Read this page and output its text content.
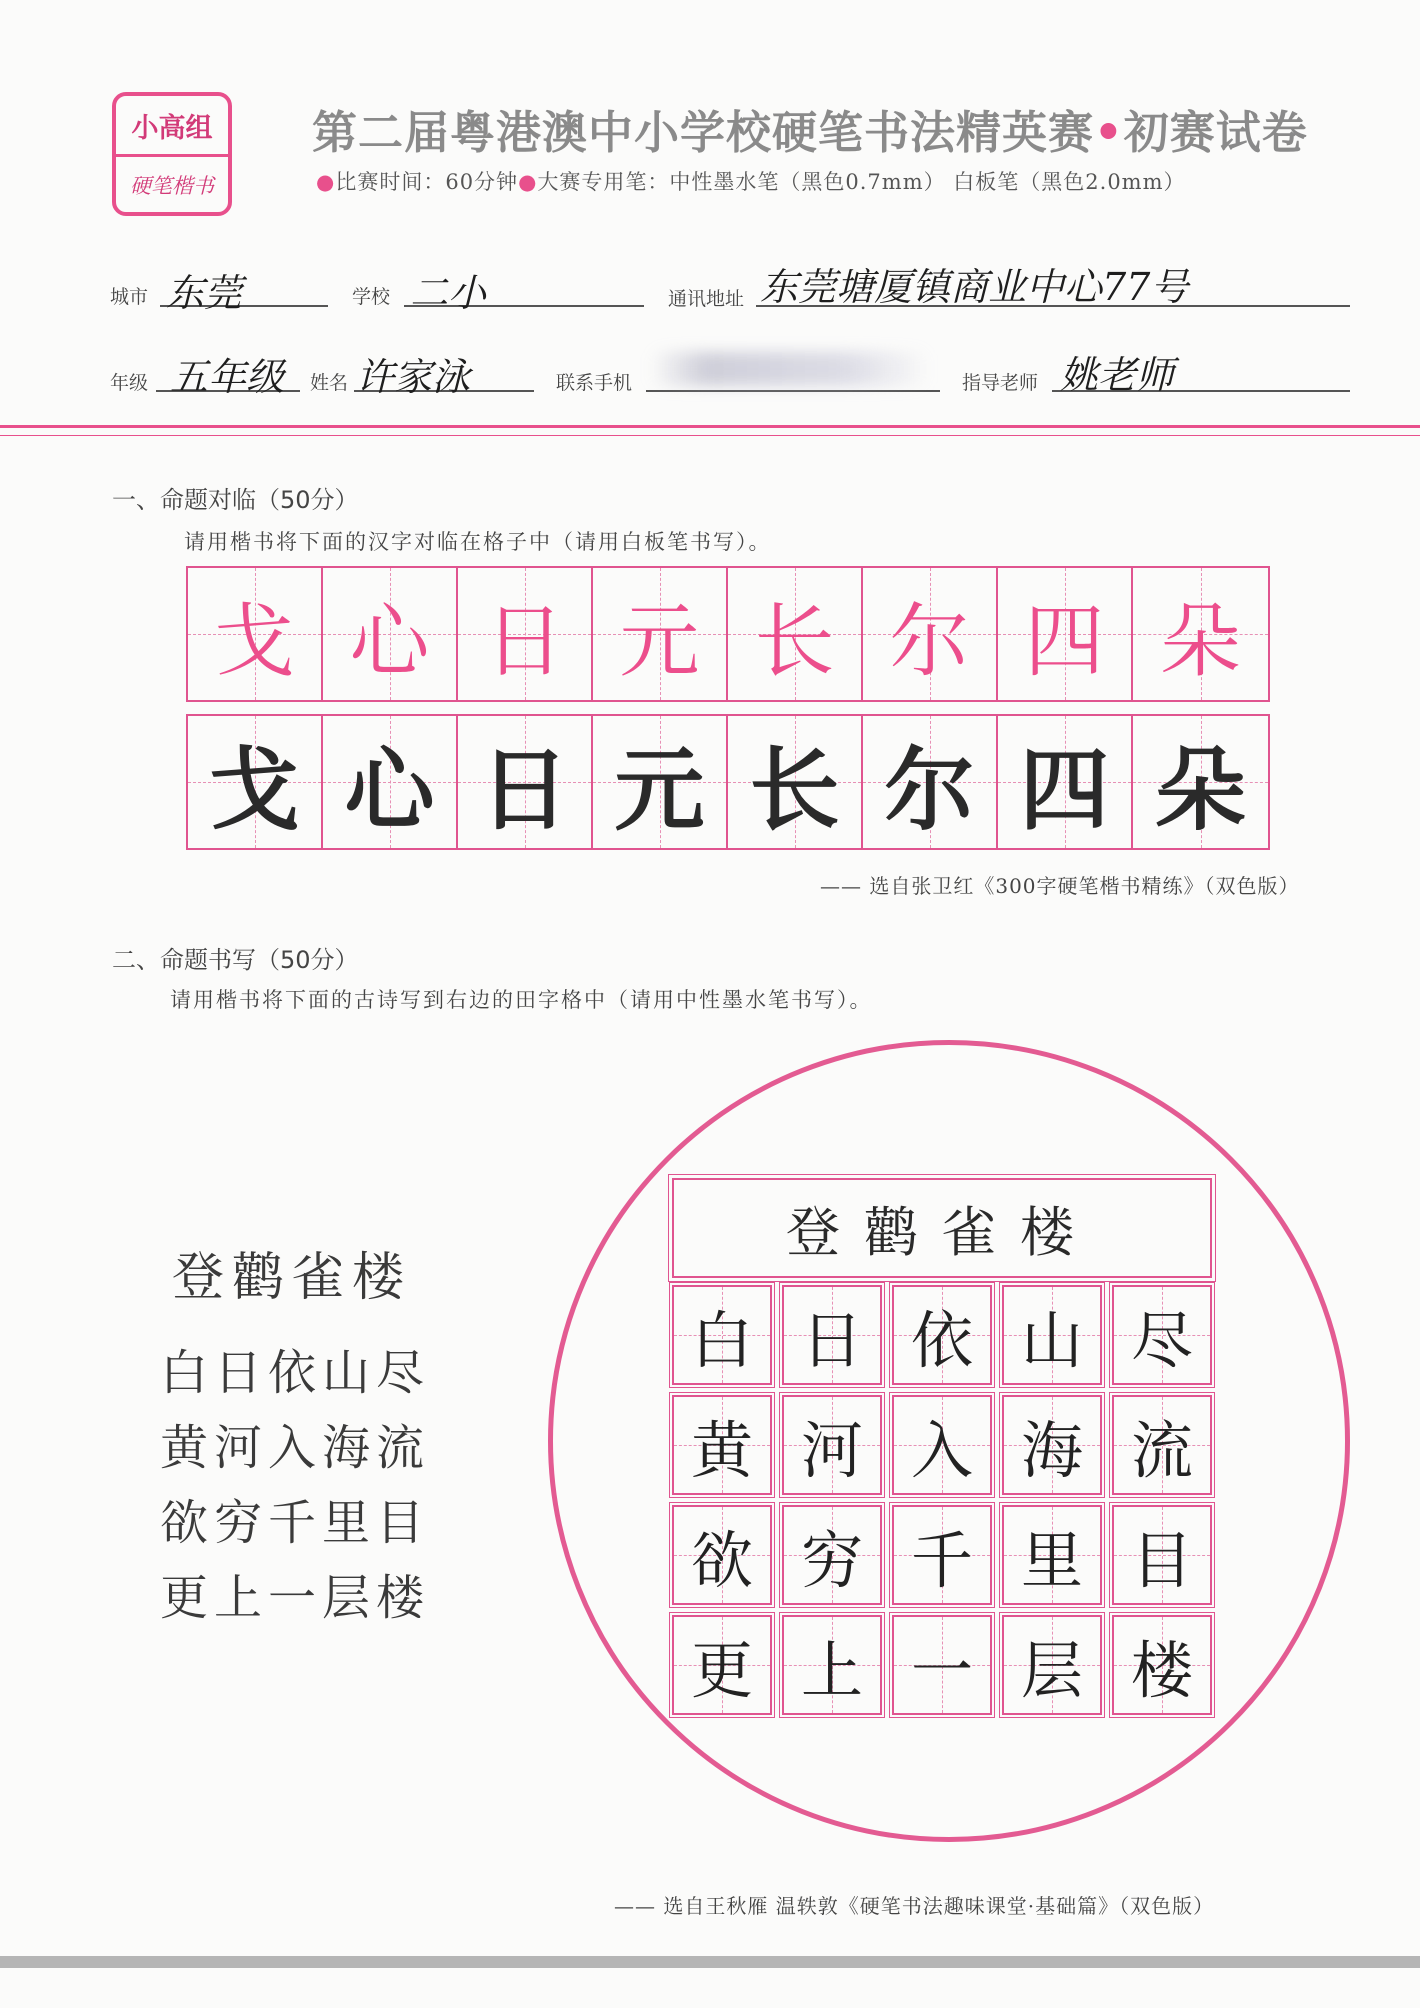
小高组
硬笔楷书
第二届粤港澳中小学校硬笔书法精英赛•初赛试卷
●比赛时间：60分钟●大赛专用笔：中性墨水笔（黑色0.7mm） 白板笔（黑色2.0mm）
城市 东莞	学校 二小	通讯地址 东莞塘厦镇商业中心77号
年级 五年级 姓名 许家泳	联系手机	指导老师 姚老师
一、命题对临（50分）
请用楷书将下面的汉字对临在格子中（请用白板笔书写）。
戈 心 日 元 长 尔 四 朵
戈 心 日 元 长 尔 四 朵
—— 选自张卫红《300字硬笔楷书精练》（双色版）
二、命题书写（50分）
请用楷书将下面的古诗写到右边的田字格中（请用中性墨水笔书写）。
登鹳雀楼
白日依山尽
黄河入海流
欲穷千里目
更上一层楼
登鹳雀楼
白 日 依 山 尽
黄 河 入 海 流
欲 穷 千 里 目
更 上 一 层 楼
—— 选自王秋雁 温轶敦《硬笔书法趣味课堂·基础篇》（双色版）
